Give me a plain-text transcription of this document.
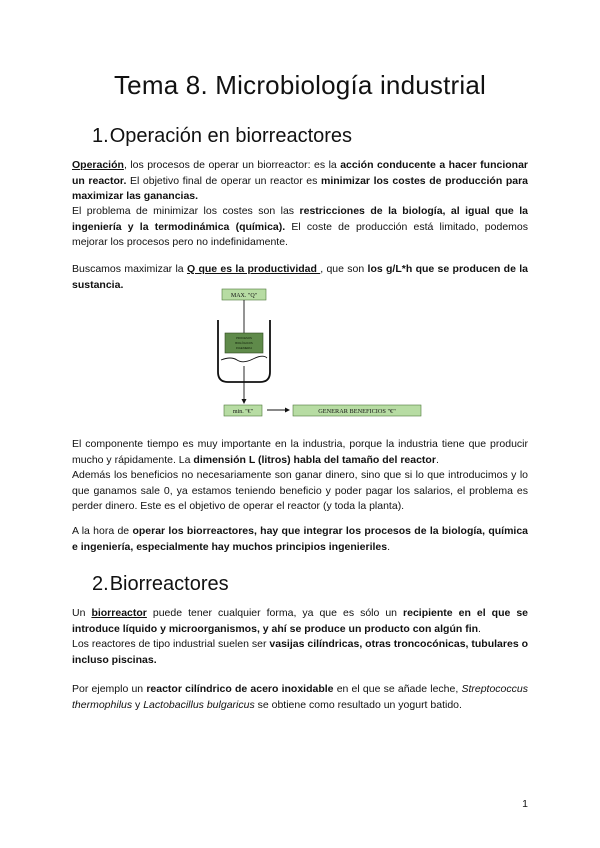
Tema 8. Microbiología industrial
1.Operación en biorreactores

Operación, los procesos de operar un biorreactor: es la acción conducente a hacer funcionar un reactor. El objetivo final de operar un reactor es minimizar los costes de producción para maximizar las ganancias.

El problema de minimizar los costes son las restricciones de la biología, al igual que la ingeniería y la termodinámica (química). El coste de producción está limitado, podemos mejorar los procesos pero no indefinidamente.

Buscamos maximizar la Q que es la productividad , que son los g/L*h que se producen de la sustancia.

MAX. "Q"
PROCESOS
BIOLÓGICOS
INGENIERIA
min. "€"	GENERAR BENEFICIOS "€"

El componente tiempo es muy importante en la industria, porque la industria tiene que producir mucho y rápidamente. La dimensión L (litros) habla del tamaño del reactor.

Además los beneficios no necesariamente son ganar dinero, sino que si lo que introducimos y lo que ganamos sale 0, ya estamos teniendo beneficio y poder pagar los salarios, el problema es perder dinero. Este es el objetivo de operar el reactor (y toda la planta).

A la hora de operar los biorreactores, hay que integrar los procesos de la biología, química e ingeniería, especialmente hay muchos principios ingenieriles.

2.Biorreactores

Un biorreactor puede tener cualquier forma, ya que es sólo un recipiente en el que se introduce líquido y microorganismos, y ahí se produce un producto con algún fin.

Los reactores de tipo industrial suelen ser vasijas cilíndricas, otras troncocónicas, tubulares o incluso piscinas.

Por ejemplo un reactor cilíndrico de acero inoxidable en el que se añade leche, Streptococcus thermophilus y Lactobacillus bulgaricus se obtiene como resultado un yogurt batido.

1
